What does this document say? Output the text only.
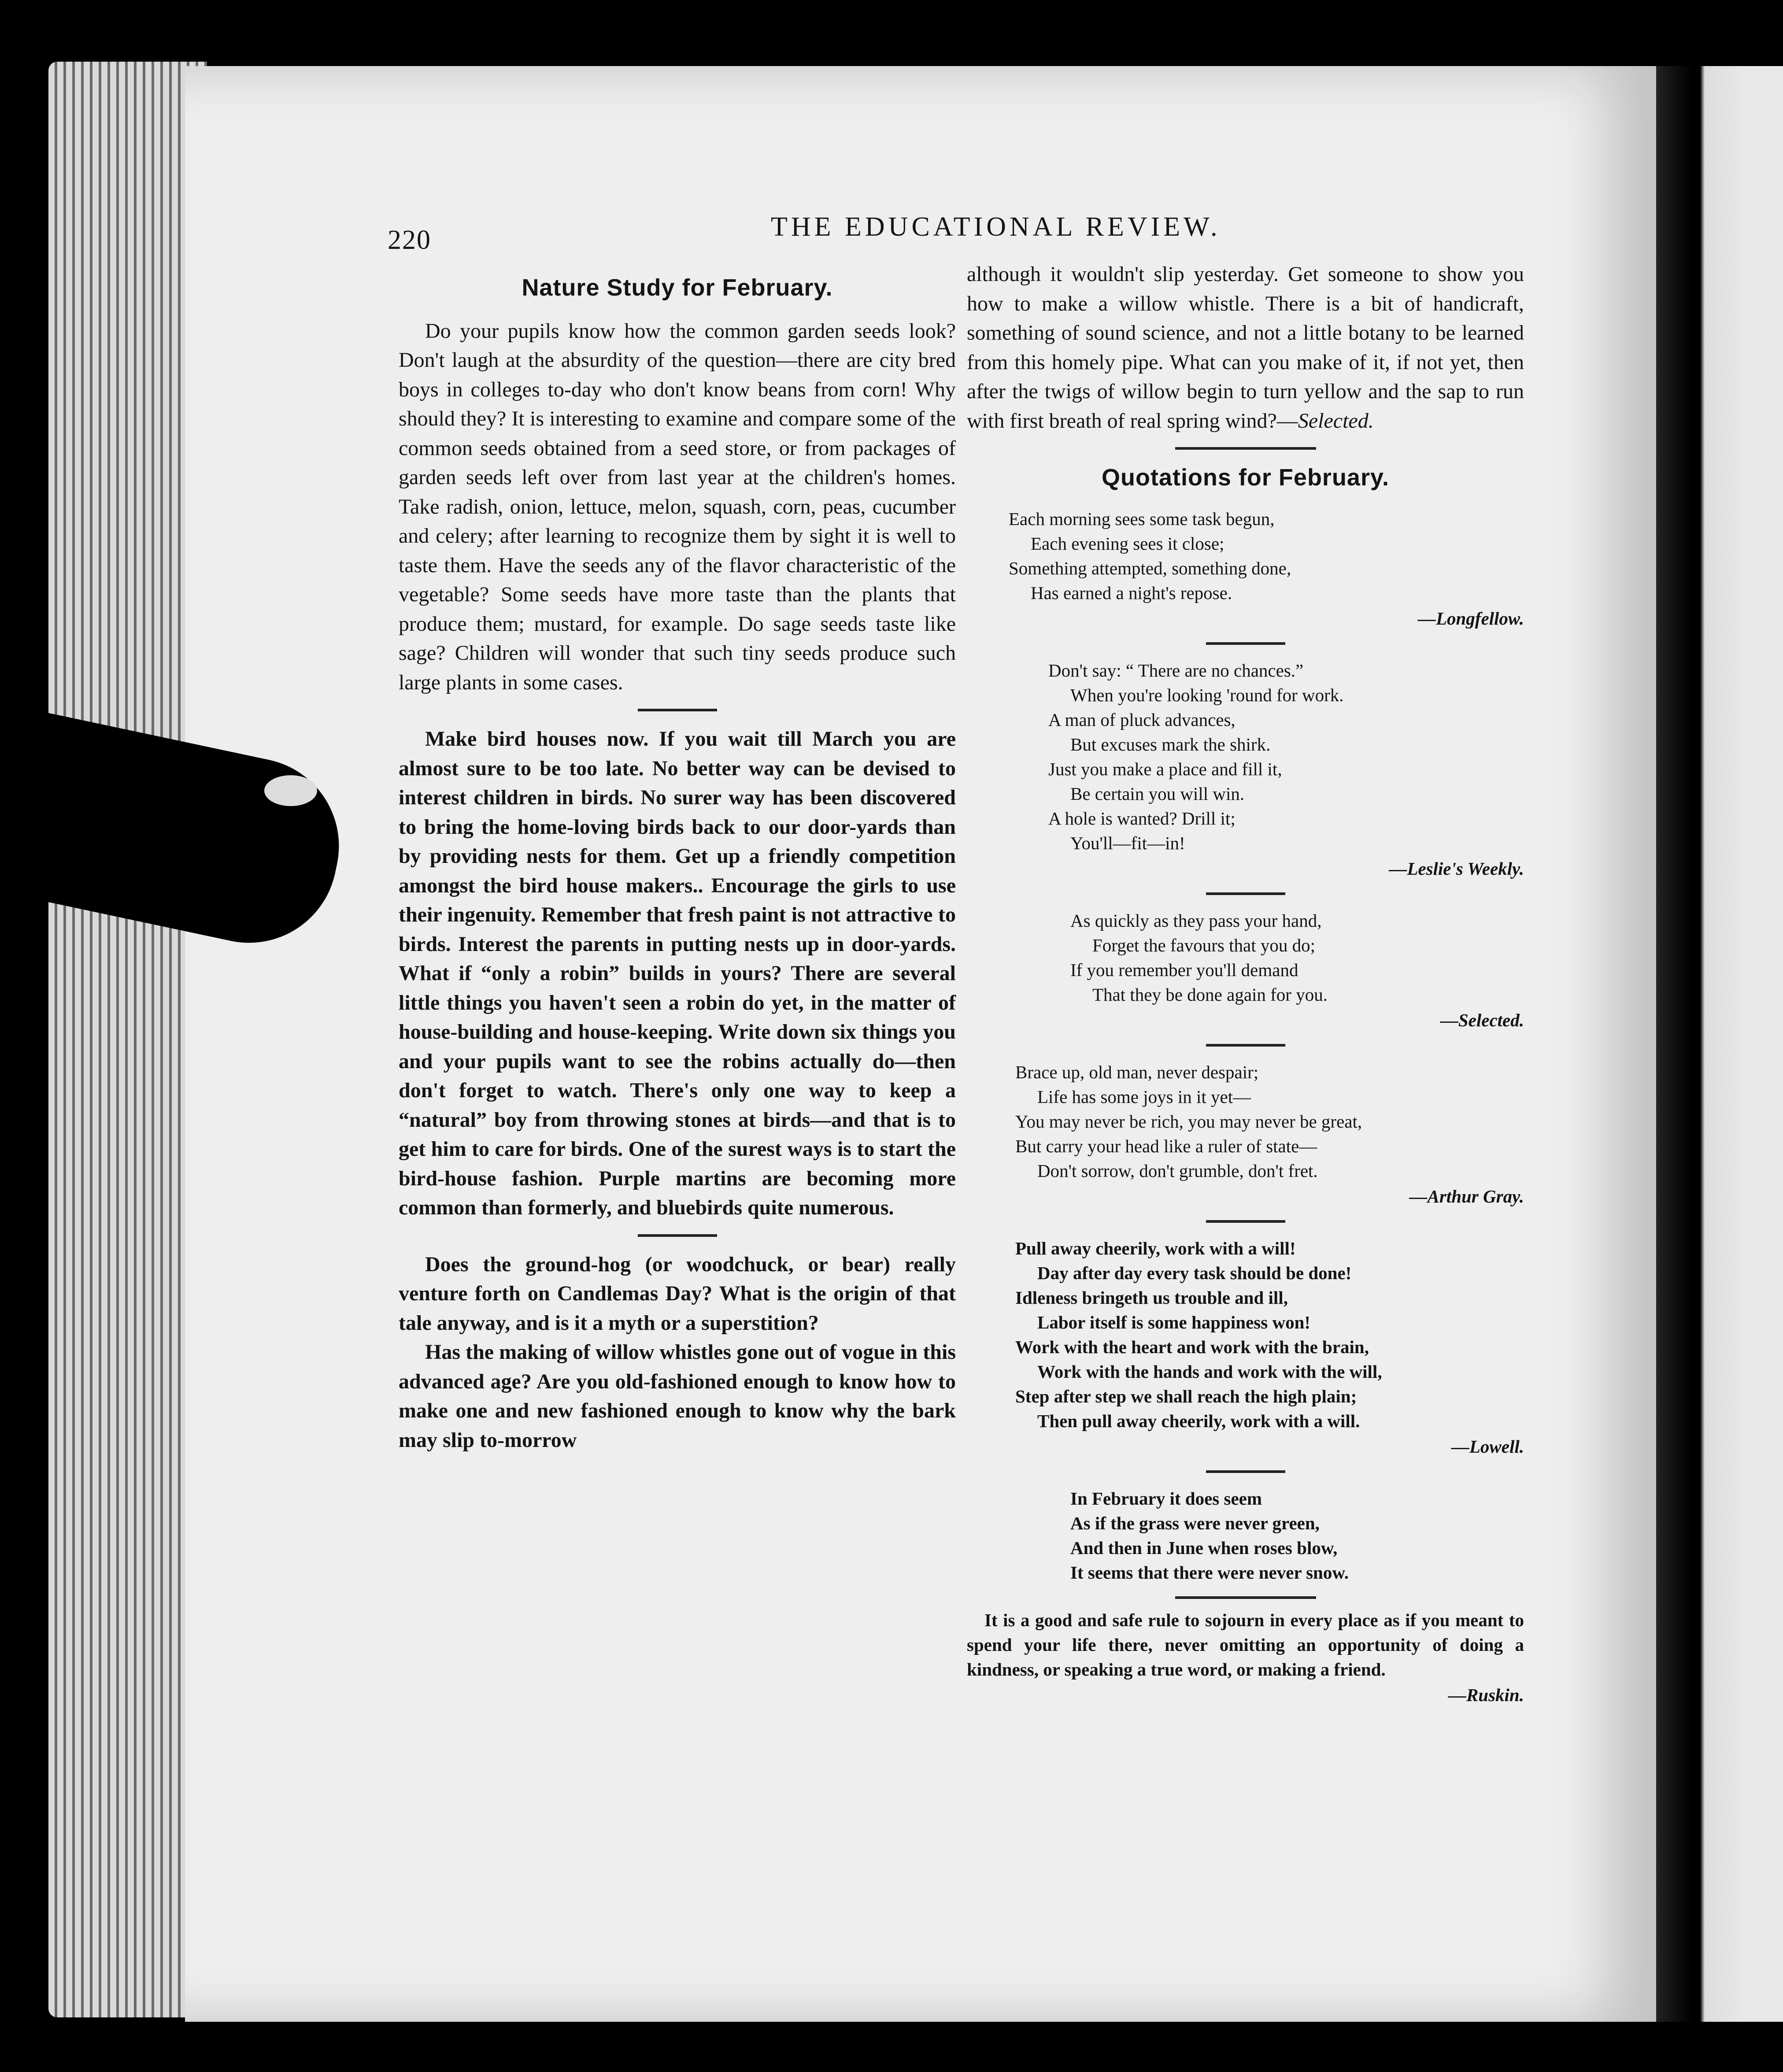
220	THE EDUCATIONAL REVIEW.
Nature Study for February.

Do your pupils know how the common garden seeds look? Don't laugh at the absurdity of the question—there are city bred boys in colleges to-day who don't know beans from corn! Why should they? It is interesting to examine and compare some of the common seeds obtained from a seed store, or from packages of garden seeds left over from last year at the children's homes. Take radish, onion, lettuce, melon, squash, corn, peas, cucumber and celery; after learning to recognize them by sight it is well to taste them. Have the seeds any of the flavor characteristic of the vegetable? Some seeds have more taste than the plants that produce them; mustard, for example. Do sage seeds taste like sage? Children will wonder that such tiny seeds produce such large plants in some cases.

Make bird houses now. If you wait till March you are almost sure to be too late. No better way can be devised to interest children in birds. No surer way has been discovered to bring the home-loving birds back to our door-yards than by providing nests for them. Get up a friendly competition amongst the bird house makers.. Encourage the girls to use their ingenuity. Remember that fresh paint is not attractive to birds. Interest the parents in putting nests up in door-yards. What if “only a robin” builds in yours? There are several little things you haven't seen a robin do yet, in the matter of house-building and house-keeping. Write down six things you and your pupils want to see the robins actually do—then don't forget to watch. There's only one way to keep a “natural” boy from throwing stones at birds—and that is to get him to care for birds. One of the surest ways is to start the bird-house fashion. Purple martins are becoming more common than formerly, and bluebirds quite numerous.

Does the ground-hog (or woodchuck, or bear) really venture forth on Candlemas Day? What is the origin of that tale anyway, and is it a myth or a superstition?

Has the making of willow whistles gone out of vogue in this advanced age? Are you old-fashioned enough to know how to make one and new fashioned enough to know why the bark may slip to-morrow

although it wouldn't slip yesterday. Get someone to show you how to make a willow whistle. There is a bit of handicraft, something of sound science, and not a little botany to be learned from this homely pipe. What can you make of it, if not yet, then after the twigs of willow begin to turn yellow and the sap to run with first breath of real spring wind?—Selected.

Quotations for February.
Each morning sees some task begun,
Each evening sees it close;
Something attempted, something done,
Has earned a night's repose.
—Longfellow.
Don't say: “ There are no chances.”
When you're looking 'round for work.
A man of pluck advances,
But excuses mark the shirk.
Just you make a place and fill it,
Be certain you will win.
A hole is wanted? Drill it;
You'll—fit—in!
—Leslie's Weekly.
As quickly as they pass your hand,
Forget the favours that you do;
If you remember you'll demand
That they be done again for you.
—Selected.
Brace up, old man, never despair;
Life has some joys in it yet—
You may never be rich, you may never be great,
But carry your head like a ruler of state—
Don't sorrow, don't grumble, don't fret.
—Arthur Gray.
Pull away cheerily, work with a will!
Day after day every task should be done!
Idleness bringeth us trouble and ill,
Labor itself is some happiness won!
Work with the heart and work with the brain,
Work with the hands and work with the will,
Step after step we shall reach the high plain;
Then pull away cheerily, work with a will.
—Lowell.
In February it does seem
As if the grass were never green,
And then in June when roses blow,
It seems that there were never snow.

It is a good and safe rule to sojourn in every place as if you meant to spend your life there, never omitting an opportunity of doing a kindness, or speaking a true word, or making a friend.

—Ruskin.
